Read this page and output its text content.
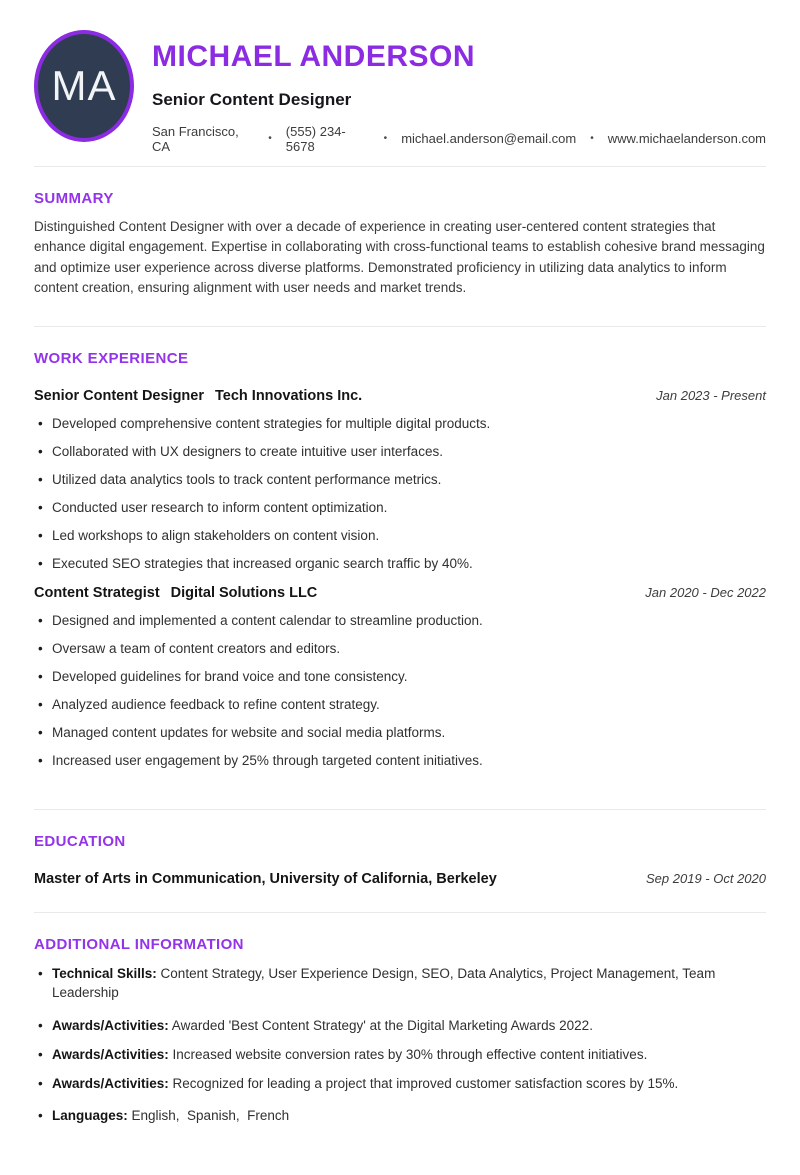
MA
MICHAEL ANDERSON
Senior Content Designer
San Francisco, CA	• (555) 234-5678	• michael.anderson@email.com • www.michaelanderson.com
SUMMARY

Distinguished Content Designer with over a decade of experience in creating user-centered content strategies that enhance digital engagement. Expertise in collaborating with cross-functional teams to establish cohesive brand messaging and optimize user experience across diverse platforms. Demonstrated proficiency in utilizing data analytics to inform content creation, ensuring alignment with user needs and market trends.

WORK EXPERIENCE
Senior Content Designer Tech Innovations Inc.	Jan 2023 - Present
• Developed comprehensive content strategies for multiple digital products.
• Collaborated with UX designers to create intuitive user interfaces.
• Utilized data analytics tools to track content performance metrics.
• Conducted user research to inform content optimization.
• Led workshops to align stakeholders on content vision.
• Executed SEO strategies that increased organic search traffic by 40%.
Content Strategist Digital Solutions LLC	Jan 2020 - Dec 2022
• Designed and implemented a content calendar to streamline production.
• Oversaw a team of content creators and editors.
• Developed guidelines for brand voice and tone consistency.
• Analyzed audience feedback to refine content strategy.
• Managed content updates for website and social media platforms.
• Increased user engagement by 25% through targeted content initiatives.
EDUCATION
Master of Arts in Communication, University of California, Berkeley	Sep 2019 - Oct 2020
ADDITIONAL INFORMATION
• Technical Skills: Content Strategy, User Experience Design, SEO, Data Analytics, Project Management, Team Leadership
• Awards/Activities: Awarded 'Best Content Strategy' at the Digital Marketing Awards 2022.
• Awards/Activities: Increased website conversion rates by 30% through effective content initiatives.
• Awards/Activities: Recognized for leading a project that improved customer satisfaction scores by 15%.
• Languages: English,  Spanish,  French
